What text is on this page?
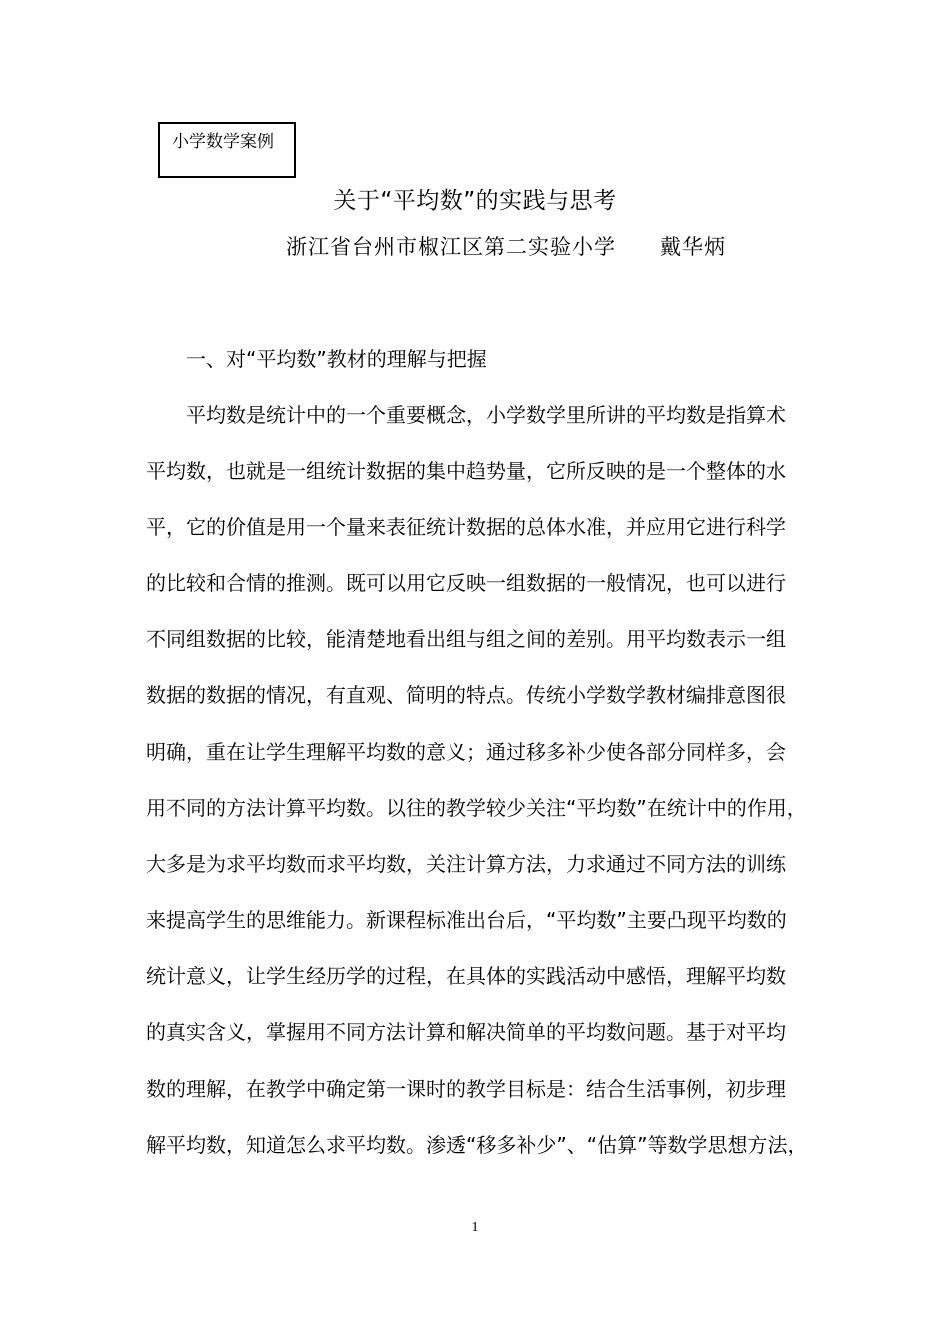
小学数学案例
关于“平均数”的实践与思考
浙江省台州市椒江区第二实验小学 戴华炳
一、对“平均数”教材的理解与把握
平均数是统计中的一个重要概念，小学数学里所讲的平均数是指算术
平均数，也就是一组统计数据的集中趋势量，它所反映的是一个整体的水
平，它的价值是用一个量来表征统计数据的总体水准，并应用它进行科学
的比较和合情的推测。既可以用它反映一组数据的一般情况，也可以进行
不同组数据的比较，能清楚地看出组与组之间的差别。用平均数表示一组
数据的数据的情况，有直观、简明的特点。传统小学数学教材编排意图很
明确，重在让学生理解平均数的意义；通过移多补少使各部分同样多，会
用不同的方法计算平均数。以往的教学较少关注“平均数”在统计中的作用，
大多是为求平均数而求平均数，关注计算方法，力求通过不同方法的训练
来提高学生的思维能力。新课程标准出台后，“平均数”主要凸现平均数的
统计意义，让学生经历学的过程，在具体的实践活动中感悟，理解平均数
的真实含义，掌握用不同方法计算和解决简单的平均数问题。基于对平均
数的理解，在教学中确定第一课时的教学目标是：结合生活事例，初步理
解平均数，知道怎么求平均数。渗透“移多补少”、“估算”等数学思想方法，
1
